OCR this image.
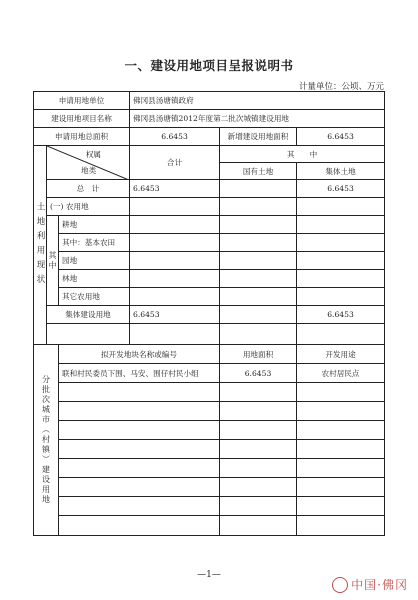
一、建设用地项目呈报说明书
计量单位：公顷、万元
申请用地单位			佛冈县汤塘镇政府		
建设用地项目名称			佛冈县汤塘镇2012年度第二批次城镇建设用地		
申请用地总面积			6.6453	新增建设用地面积	6.6453
土地利用现状	权属
地类		合计	其　　中	
				国有土地	集体土地
	总　计		6.6453		6.6453
	(一) 农用地				
	其中	耕地			
		其中：基本农田			
		园地			
		林地			
		其它农用地			
	集体建设用地		6.6453		6.6453

分批次城市（村镇）建设用地		拟开发地块名称或编号		用地面积	开发用途
		联和村民委员下围、马安、围仔村民小组		6.6453	农村居民点

—1—
中国·佛冈
